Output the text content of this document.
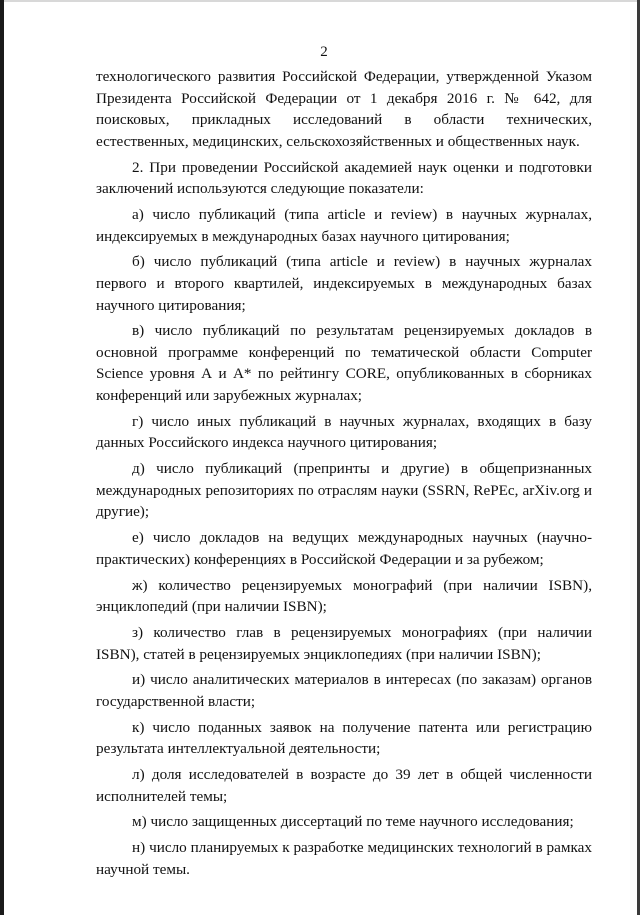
2

технологического развития Российской Федерации, утвержденной Указом Президента Российской Федерации от 1 декабря 2016 г. № 642, для поисковых, прикладных исследований в области технических, естественных, медицинских, сельскохозяйственных и общественных наук.

2. При проведении Российской академией наук оценки и подготовки заключений используются следующие показатели:

а) число публикаций (типа article и review) в научных журналах, индексируемых в международных базах научного цитирования;

б) число публикаций (типа article и review) в научных журналах первого и второго квартилей, индексируемых в международных базах научного цитирования;

в) число публикаций по результатам рецензируемых докладов в основной программе конференций по тематической области Computer Science уровня А и А* по рейтингу CORE, опубликованных в сборниках конференций или зарубежных журналах;

г) число иных публикаций в научных журналах, входящих в базу данных Российского индекса научного цитирования;

д) число публикаций (препринты и другие) в общепризнанных международных репозиториях по отраслям науки (SSRN, RePEc, arXiv.org и другие);

е) число докладов на ведущих международных научных (научно-практических) конференциях в Российской Федерации и за рубежом;

ж) количество рецензируемых монографий (при наличии ISBN), энциклопедий (при наличии ISBN);

з) количество глав в рецензируемых монографиях (при наличии ISBN), статей в рецензируемых энциклопедиях (при наличии ISBN);

и) число аналитических материалов в интересах (по заказам) органов государственной власти;

к) число поданных заявок на получение патента или регистрацию результата интеллектуальной деятельности;

л) доля исследователей в возрасте до 39 лет в общей численности исполнителей темы;

м) число защищенных диссертаций по теме научного исследования;

н) число планируемых к разработке медицинских технологий в рамках научной темы.
